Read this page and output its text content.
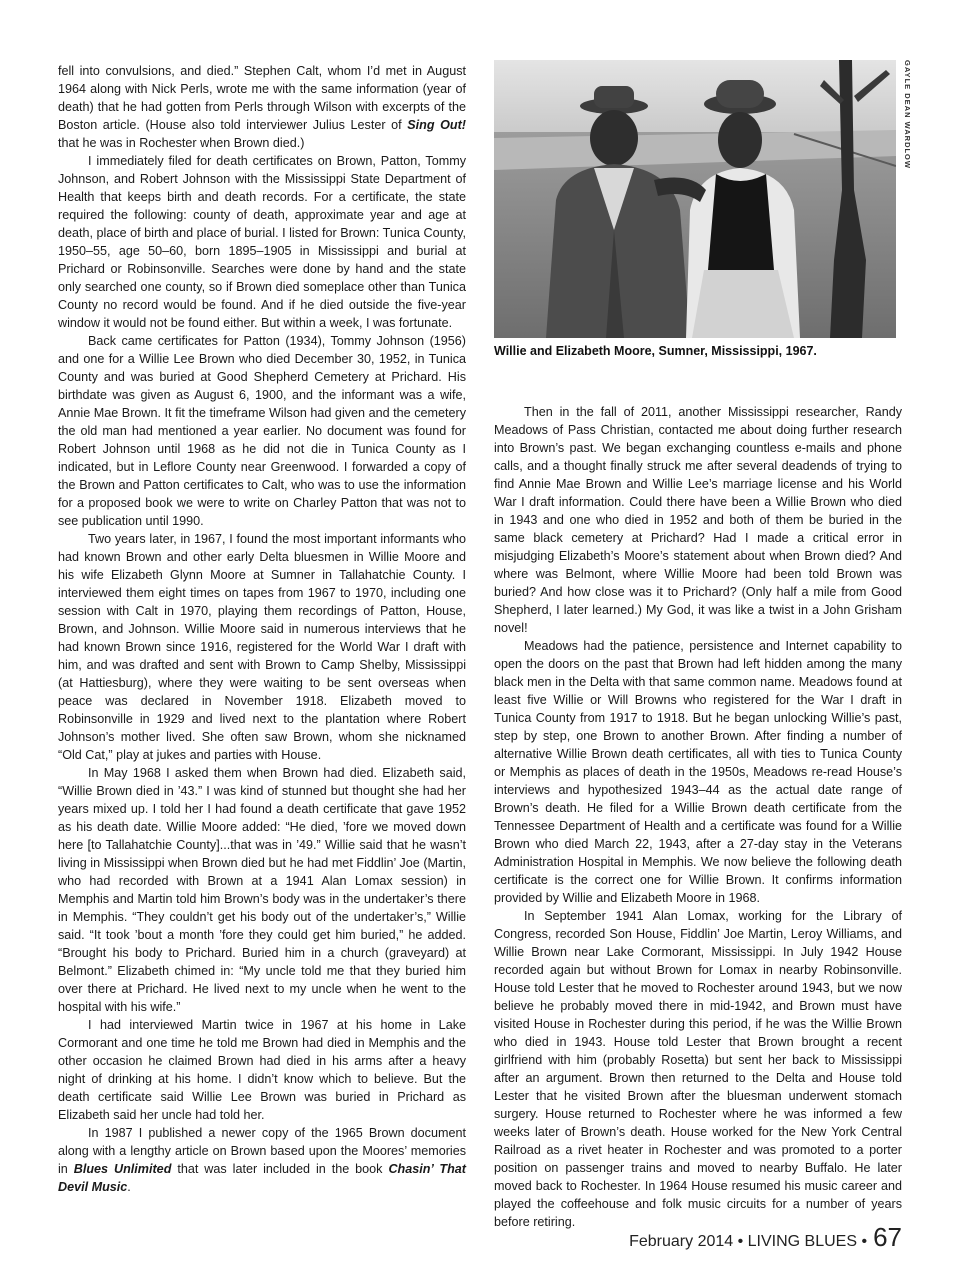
fell into convulsions, and died.” Stephen Calt, whom I’d met in August 1964 along with Nick Perls, wrote me with the same information (year of death) that he had gotten from Perls through Wilson with excerpts of the Boston article. (House also told interviewer Julius Lester of Sing Out! that he was in Rochester when Brown died.)

I immediately filed for death certificates on Brown, Patton, Tommy Johnson, and Robert Johnson with the Mississippi State Department of Health that keeps birth and death records. For a certificate, the state required the following: county of death, approximate year and age at death, place of birth and place of burial. I listed for Brown: Tunica County, 1950–55, age 50–60, born 1895–1905 in Mississippi and burial at Prichard or Robinsonville. Searches were done by hand and the state only searched one county, so if Brown died someplace other than Tunica County no record would be found. And if he died outside the five-year window it would not be found either. But within a week, I was fortunate.

Back came certificates for Patton (1934), Tommy Johnson (1956) and one for a Willie Lee Brown who died December 30, 1952, in Tunica County and was buried at Good Shepherd Cemetery at Prichard. His birthdate was given as August 6, 1900, and the informant was a wife, Annie Mae Brown. It fit the timeframe Wilson had given and the cemetery the old man had mentioned a year earlier. No document was found for Robert Johnson until 1968 as he did not die in Tunica County as I indicated, but in Leflore County near Greenwood. I forwarded a copy of the Brown and Patton certificates to Calt, who was to use the information for a proposed book we were to write on Charley Patton that was not to see publication until 1990.

Two years later, in 1967, I found the most important informants who had known Brown and other early Delta bluesmen in Willie Moore and his wife Elizabeth Glynn Moore at Sumner in Tallahatchie County. I interviewed them eight times on tapes from 1967 to 1970, including one session with Calt in 1970, playing them recordings of Patton, House, Brown, and Johnson. Willie Moore said in numerous interviews that he had known Brown since 1916, registered for the World War I draft with him, and was drafted and sent with Brown to Camp Shelby, Mississippi (at Hattiesburg), where they were waiting to be sent overseas when peace was declared in November 1918. Elizabeth moved to Robinsonville in 1929 and lived next to the plantation where Robert Johnson’s mother lived. She often saw Brown, whom she nicknamed “Old Cat,” play at jukes and parties with House.

In May 1968 I asked them when Brown had died. Elizabeth said, “Willie Brown died in ’43.” I was kind of stunned but thought she had her years mixed up. I told her I had found a death certificate that gave 1952 as his death date. Willie Moore added: “He died, ’fore we moved down here [to Tallahatchie County]...that was in ’49.” Willie said that he wasn’t living in Mississippi when Brown died but he had met Fiddlin’ Joe (Martin, who had recorded with Brown at a 1941 Alan Lomax session) in Memphis and Martin told him Brown’s body was in the undertaker’s there in Memphis. “They couldn’t get his body out of the undertaker’s,” Willie said. “It took ’bout a month ’fore they could get him buried,” he added. “Brought his body to Prichard. Buried him in a church (graveyard) at Belmont.” Elizabeth chimed in: “My uncle told me that they buried him over there at Prichard. He lived next to my uncle when he went to the hospital with his wife.”

I had interviewed Martin twice in 1967 at his home in Lake Cormorant and one time he told me Brown had died in Memphis and the other occasion he claimed Brown had died in his arms after a heavy night of drinking at his home. I didn’t know which to believe. But the death certificate said Willie Lee Brown was buried in Prichard as Elizabeth said her uncle had told her.

In 1987 I published a newer copy of the 1965 Brown document along with a lengthy article on Brown based upon the Moores’ memories in Blues Unlimited that was later included in the book Chasin’ That Devil Music.

GAYLE DEAN WARDLOW
Willie and Elizabeth Moore, Sumner, Mississippi, 1967.

Then in the fall of 2011, another Mississippi researcher, Randy Meadows of Pass Christian, contacted me about doing further research into Brown’s past. We began exchanging countless e-mails and phone calls, and a thought finally struck me after several deadends of trying to find Annie Mae Brown and Willie Lee’s marriage license and his World War I draft information. Could there have been a Willie Brown who died in 1943 and one who died in 1952 and both of them be buried in the same black cemetery at Prichard? Had I made a critical error in misjudging Elizabeth’s Moore’s statement about when Brown died? And where was Belmont, where Willie Moore had been told Brown was buried? And how close was it to Prichard? (Only half a mile from Good Shepherd, I later learned.) My God, it was like a twist in a John Grisham novel!

Meadows had the patience, persistence and Internet capability to open the doors on the past that Brown had left hidden among the many black men in the Delta with that same common name. Meadows found at least five Willie or Will Browns who registered for the War I draft in Tunica County from 1917 to 1918. But he began unlocking Willie’s past, step by step, one Brown to another Brown. After finding a number of alternative Willie Brown death certificates, all with ties to Tunica County or Memphis as places of death in the 1950s, Meadows re-read House’s interviews and hypothesized 1943–44 as the actual date range of Brown’s death. He filed for a Willie Brown death certificate from the Tennessee Department of Health and a certificate was found for a Willie Brown who died March 22, 1943, after a 27-day stay in the Veterans Administration Hospital in Memphis. We now believe the following death certificate is the correct one for Willie Brown. It confirms information provided by Willie and Elizabeth Moore in 1968.

In September 1941 Alan Lomax, working for the Library of Congress, recorded Son House, Fiddlin’ Joe Martin, Leroy Williams, and Willie Brown near Lake Cormorant, Mississippi. In July 1942 House recorded again but without Brown for Lomax in nearby Robinsonville. House told Lester that he moved to Rochester around 1943, but we now believe he probably moved there in mid-1942, and Brown must have visited House in Rochester during this period, if he was the Willie Brown who died in 1943. House told Lester that Brown brought a recent girlfriend with him (probably Rosetta) but sent her back to Mississippi after an argument. Brown then returned to the Delta and House told Lester that he visited Brown after the bluesman underwent stomach surgery. House returned to Rochester where he was informed a few weeks later of Brown’s death. House worked for the New York Central Railroad as a rivet heater in Rochester and was promoted to a porter position on passenger trains and moved to nearby Buffalo. He later moved back to Rochester. In 1964 House resumed his music career and played the coffeehouse and folk music circuits for a number of years before retiring.

February 2014 • LIVING BLUES • 67
